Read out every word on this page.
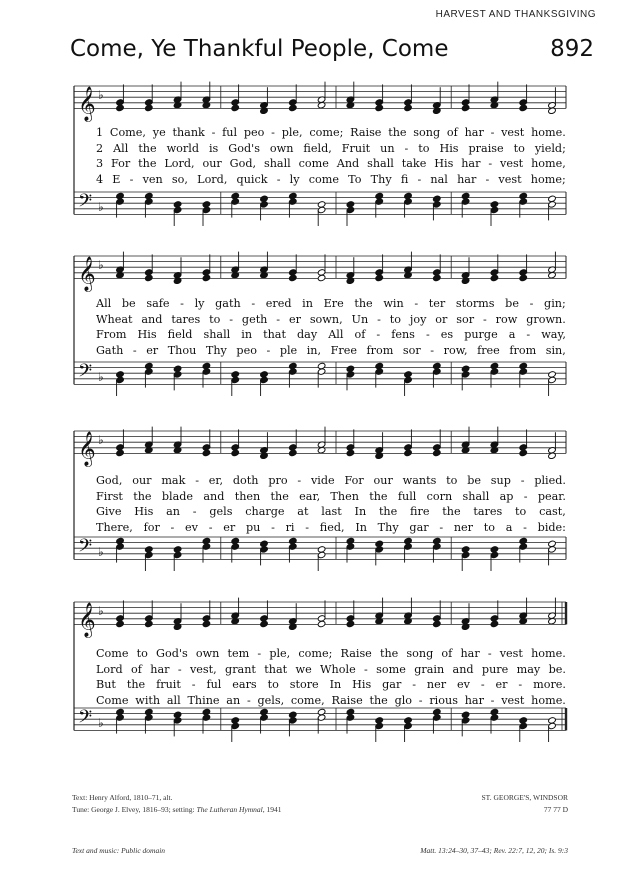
HARVEST AND THANKSGIVING
Come, Ye Thankful People, Come	892
𝄞
𝄢
♭
♭
1 Come, ye thank - ful peo - ple, come; Raise the song of har - vest home.
2 All the world is God's own field, Fruit un - to His praise to yield;
3 For the Lord, our God, shall come And shall take His har - vest home,
4 E - ven so, Lord, quick - ly come To Thy fi - nal har - vest home;
𝄞
𝄢
♭
♭
All be safe - ly gath - ered in Ere the win - ter storms be - gin;
Wheat and tares to - geth - er sown, Un - to joy or sor - row grown.
From His field shall in that day All of - fens - es purge a - way,
Gath - er Thou Thy peo - ple in, Free from sor - row, free from sin,
𝄞
𝄢
♭
♭
God, our mak - er, doth pro - vide For our wants to be sup - plied.
First the blade and then the ear, Then the full corn shall ap - pear.
Give His an - gels charge at last In the fire the tares to cast,
There, for - ev - er pu - ri - fied, In Thy gar - ner to a - bide:
𝄞
𝄢
♭
♭
Come to God's own tem - ple, come; Raise the song of har - vest home.
Lord of har - vest, grant that we Whole - some grain and pure may be.
But the fruit - ful ears to store In His gar - ner ev - er - more.
Come with all Thine an - gels, come, Raise the glo - rious har - vest home.
Text: Henry Alford, 1810–71, alt.
Tune: George J. Elvey, 1816–93; setting: The Lutheran Hymnal, 1941
ST. GEORGE'S, WINDSOR
77 77 D
Text and music: Public domain	Matt. 13:24–30, 37–43; Rev. 22:7, 12, 20; Is. 9:3
